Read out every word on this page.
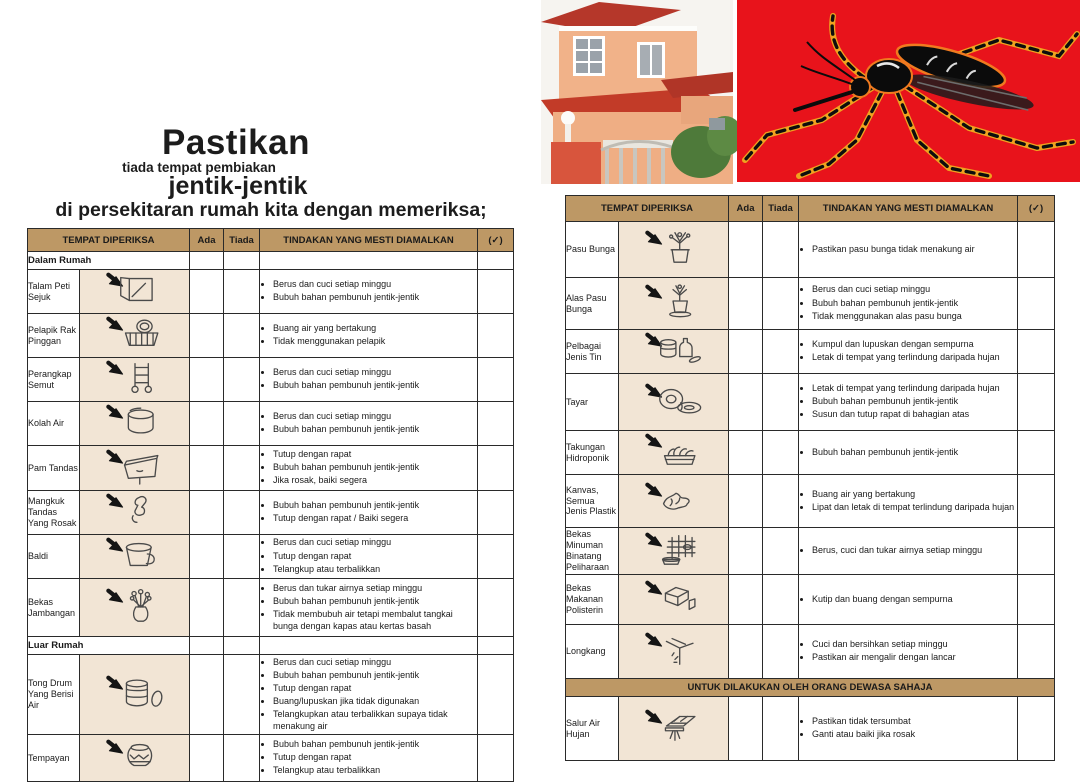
Pastikan
tiada tempat pembiakan
jentik-jentik
di persekitaran rumah kita dengan memeriksa;
TEMPAT DIPERIKSA		Ada	Tiada	TINDAKAN YANG MESTI DIAMALKAN	(✓)
Dalam Rumah					
Talam Peti Sejuk				
• Berus dan cuci setiap minggu
• Bubuh bahan pembunuh jentik-jentik

Pelapik Rak Pinggan				
• Buang air yang bertakung
• Tidak menggunakan pelapik

Perangkap Semut				
• Berus dan cuci setiap minggu
• Bubuh bahan pembunuh jentik-jentik

Kolah Air				
• Berus dan cuci setiap minggu
• Bubuh bahan pembunuh jentik-jentik

Pam Tandas				
• Tutup dengan rapat
• Bubuh bahan pembunuh jentik-jentik
• Jika rosak, baiki segera

Mangkuk Tandas Yang Rosak				
• Bubuh bahan pembunuh jentik-jentik
• Tutup dengan rapat / Baiki segera

Baldi				
• Berus dan cuci setiap minggu
• Tutup dengan rapat
• Telangkup atau terbalikkan

Bekas Jambangan				
• Berus dan tukar airnya setiap minggu
• Bubuh bahan pembunuh jentik-jentik
• Tidak membubuh air tetapi membalut tangkai bunga dengan kapas atau kertas basah

Luar Rumah					
Tong Drum Yang Berisi Air				
• Berus dan cuci setiap minggu
• Bubuh bahan pembunuh jentik-jentik
• Tutup dengan rapat
• Buang/lupuskan jika tidak digunakan
• Telangkupkan atau terbalikkan supaya tidak menakung air

Tempayan				
• Bubuh bahan pembunuh jentik-jentik
• Tutup dengan rapat
• Telangkup atau terbalikkan

TEMPAT DIPERIKSA		Ada	Tiada	TINDAKAN YANG MESTI DIAMALKAN	(✓)
Pasu Bunga				
•Pastikan pasu bunga tidak menakung air

Alas Pasu Bunga				
• Berus dan cuci setiap minggu
• Bubuh bahan pembunuh jentik-jentik
• Tidak menggunakan alas pasu bunga

Pelbagai Jenis Tin				
• Kumpul dan lupuskan dengan sempurna
• Letak di tempat yang terlindung daripada hujan

Tayar				
• Letak di tempat yang terlindung daripada hujan
• Bubuh bahan pembunuh jentik-jentik
• Susun dan tutup rapat di bahagian atas

Takungan Hidroponik				
• Bubuh bahan pembunuh jentik-jentik

Kanvas, Semua Jenis Plastik				
• Buang air yang bertakung
• Lipat dan letak di tempat terlindung daripada hujan

Bekas Minuman Binatang Peliharaan				
• Berus, cuci dan tukar airnya setiap minggu

Bekas Makanan Polisterin				
• Kutip dan buang dengan sempurna

Longkang				
• Cuci dan bersihkan setiap minggu
• Pastikan air mengalir dengan lancar

UNTUK DILAKUKAN OLEH ORANG DEWASA SAHAJA					
Salur Air Hujan				
• Pastikan tidak tersumbat
• Ganti atau baiki jika rosak
